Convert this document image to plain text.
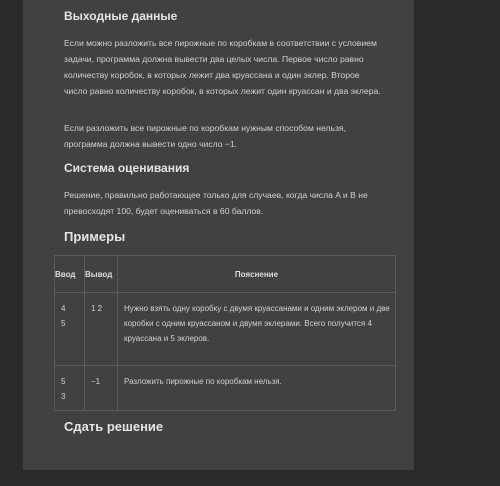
Выходные данные

Если можно разложить все пирожные по коробкам в соответствии с условием задачи, программа должна вывести два целых числа. Первое число равно количеству коробок, в которых лежит два круассана и один эклер. Второе число равно количеству коробок, в которых лежит один круассан и два эклера.

Если разложить все пирожные по коробкам нужным способом нельзя, программа должна вывести одно число −1.

Система оценивания

Решение, правильно работающее только для случаев, когда числа A и B не превосходят 100, будет оцениваться в 60 баллов.

Примеры
Сдать решение
Ввод	Вывод	Пояснение

4
5	1 2	Нужно взять одну коробку с двумя круассанами и одним эклером и две коробки с одним круассаном и двумя эклерами. Всего получится 4 круассана и 5 эклеров.

5
3	−1	Разложить пирожные по коробкам нельзя.
